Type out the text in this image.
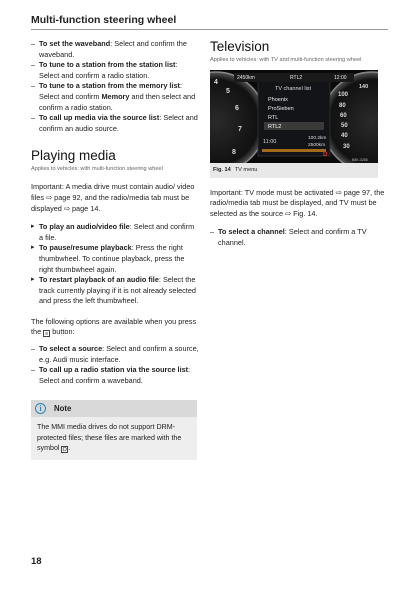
Multi-function steering wheel
– To set the waveband: Select and confirm the waveband.
– To tune to a station from the station list: Select and confirm a radio station.
– To tune to a station from the memory list: Select and confirm Memory and then select and confirm a radio station.
– To call up media via the source list: Select and confirm an audio source.
Playing media
Applies to vehicles: with multi-function steering wheel

Important: A media drive must contain audio/ video files ⇨ page 92, and the radio/media tab must be displayed ⇨ page 14.

▸ To play an audio/video file: Select and confirm a file.
▸ To pause/resume playback: Press the right thumbwheel. To continue playback, press the right thumbwheel again.
▸ To restart playback of an audio file: Select the track currently playing if it is not already selected and press the left thumbwheel.

The following options are available when you press the ≡ button:

– To select a source: Select and confirm a source, e.g. Audi music interface.
– To call up a radio station via the source list: Select and confirm a waveband.
i	Note
The MMI media drives do not support DRM-protected files; these files are marked with the symbol D .
Television
Applies to vehicles: with TV and multi-function steering wheel
8
7
6
5
4
140
100
80
60
50
40
30
2450km	RTL2	12:00
TV channel list
Phoenix
ProSieben
RTL
RTL2
11:00
100.2km
2500km
D
B8K-0258
Fig. 14 TV menu

Important: TV mode must be activated ⇨ page 97, the radio/media tab must be displayed, and TV must be selected as the source ⇨ Fig. 14.

– To select a channel: Select and confirm a TV channel.
18
